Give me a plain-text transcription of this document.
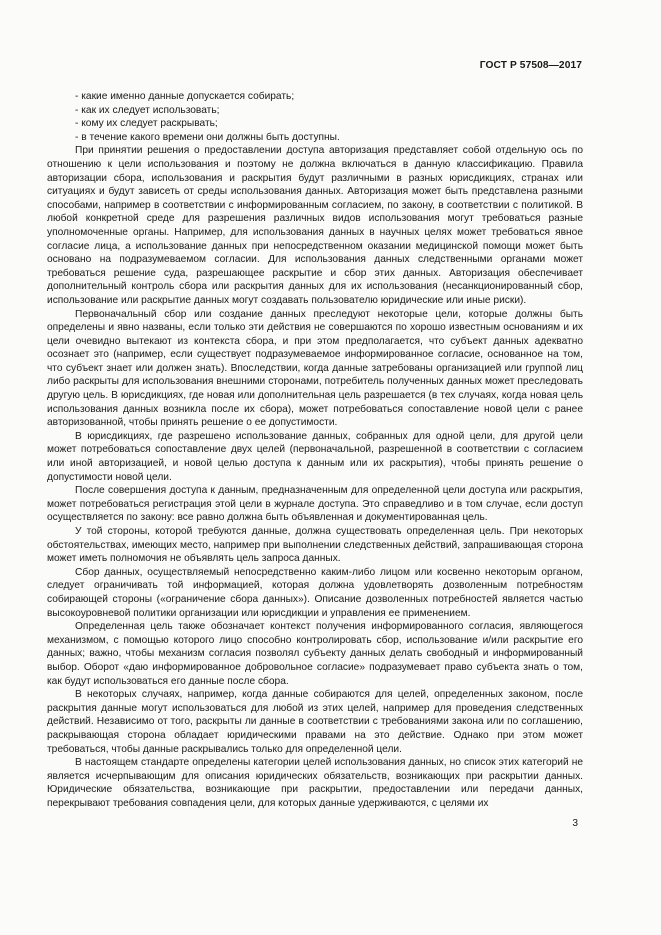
ГОСТ Р 57508—2017
- какие именно данные допускается собирать;
- как их следует использовать;
- кому их следует раскрывать;
- в течение какого времени они должны быть доступны.

При принятии решения о предоставлении доступа авторизация представляет собой отдельную ось по отношению к цели использования и поэтому не должна включаться в данную классификацию. Правила авторизации сбора, использования и раскрытия будут различными в разных юрисдикциях, странах или ситуациях и будут зависеть от среды использования данных. Авторизация может быть представлена разными способами, например в соответствии с информированным согласием, по закону, в соответствии с политикой. В любой конкретной среде для разрешения различных видов использования могут требоваться разные уполномоченные органы. Например, для использования данных в научных целях может требоваться явное согласие лица, а использование данных при непосредственном оказании медицинской помощи может быть основано на подразумеваемом согласии. Для использования данных следственными органами может требоваться решение суда, разрешающее раскрытие и сбор этих данных. Авторизация обеспечивает дополнительный контроль сбора или раскрытия данных для их использования (несанкционированный сбор, использование или раскрытие данных могут создавать пользователю юридические или иные риски).

Первоначальный сбор или создание данных преследуют некоторые цели, которые должны быть определены и явно названы, если только эти действия не совершаются по хорошо известным основаниям и их цели очевидно вытекают из контекста сбора, и при этом предполагается, что субъект данных адекватно осознает это (например, если существует подразумеваемое информированное согласие, основанное на том, что субъект знает или должен знать). Впоследствии, когда данные затребованы организацией или группой лиц либо раскрыты для использования внешними сторонами, потребитель полученных данных может преследовать другую цель. В юрисдикциях, где новая или дополнительная цель разрешается (в тех случаях, когда новая цель использования данных возникла после их сбора), может потребоваться сопоставление новой цели с ранее авторизованной, чтобы принять решение о ее допустимости.

В юрисдикциях, где разрешено использование данных, собранных для одной цели, для другой цели может потребоваться сопоставление двух целей (первоначальной, разрешенной в соответствии с согласием или иной авторизацией, и новой целью доступа к данным или их раскрытия), чтобы принять решение о допустимости новой цели.

После совершения доступа к данным, предназначенным для определенной цели доступа или раскрытия, может потребоваться регистрация этой цели в журнале доступа. Это справедливо и в том случае, если доступ осуществляется по закону: все равно должна быть объявленная и документированная цель.

У той стороны, которой требуются данные, должна существовать определенная цель. При некоторых обстоятельствах, имеющих место, например при выполнении следственных действий, запрашивающая сторона может иметь полномочия не объявлять цель запроса данных.

Сбор данных, осуществляемый непосредственно каким-либо лицом или косвенно некоторым органом, следует ограничивать той информацией, которая должна удовлетворять дозволенным потребностям собирающей стороны («ограничение сбора данных»). Описание дозволенных потребностей является частью высокоуровневой политики организации или юрисдикции и управления ее применением.

Определенная цель также обозначает контекст получения информированного согласия, являющегося механизмом, с помощью которого лицо способно контролировать сбор, использование и/или раскрытие его данных; важно, чтобы механизм согласия позволял субъекту данных делать свободный и информированный выбор. Оборот «даю информированное добровольное согласие» подразумевает право субъекта знать о том, как будут использоваться его данные после сбора.

В некоторых случаях, например, когда данные собираются для целей, определенных законом, после раскрытия данные могут использоваться для любой из этих целей, например для проведения следственных действий. Независимо от того, раскрыты ли данные в соответствии с требованиями закона или по соглашению, раскрывающая сторона обладает юридическими правами на это действие. Однако при этом может требоваться, чтобы данные раскрывались только для определенной цели.

В настоящем стандарте определены категории целей использования данных, но список этих категорий не является исчерпывающим для описания юридических обязательств, возникающих при раскрытии данных. Юридические обязательства, возникающие при раскрытии, предоставлении или передачи данных, перекрывают требования совпадения цели, для которых данные удерживаются, с целями их

3
